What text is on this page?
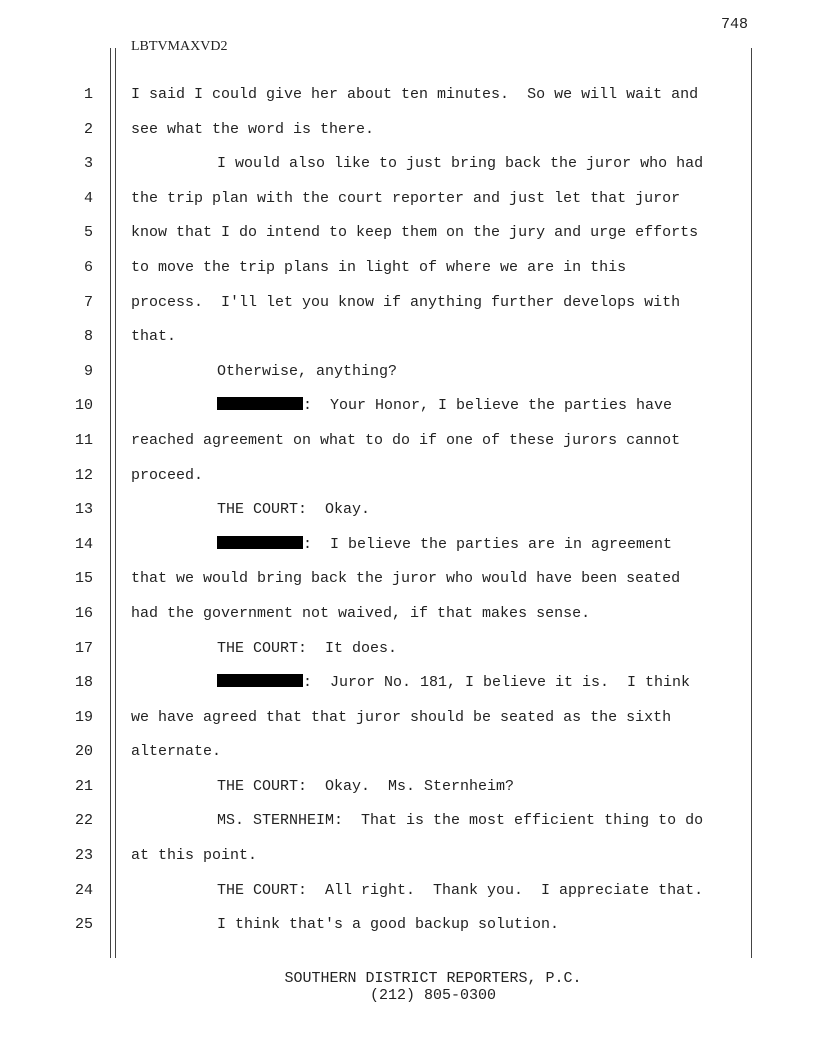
748
LBTVMAXVD2
1
2
3
4
5
6
7
8
9
10
11
12
13
14
15
16
17
18
19
20
21
22
23
24
25
I said I could give her about ten minutes.  So we will wait and
see what the word is there.
I would also like to just bring back the juror who had
the trip plan with the court reporter and just let that juror
know that I do intend to keep them on the jury and urge efforts
to move the trip plans in light of where we are in this
process.  I'll let you know if anything further develops with
that.
Otherwise, anything?
:  Your Honor, I believe the parties have
reached agreement on what to do if one of these jurors cannot
proceed.
THE COURT:  Okay.
:  I believe the parties are in agreement
that we would bring back the juror who would have been seated
had the government not waived, if that makes sense.
THE COURT:  It does.
:  Juror No. 181, I believe it is.  I think
we have agreed that that juror should be seated as the sixth
alternate.
THE COURT:  Okay.  Ms. Sternheim?
MS. STERNHEIM:  That is the most efficient thing to do
at this point.
THE COURT:  All right.  Thank you.  I appreciate that.
I think that's a good backup solution.
SOUTHERN DISTRICT REPORTERS, P.C.
(212) 805-0300
